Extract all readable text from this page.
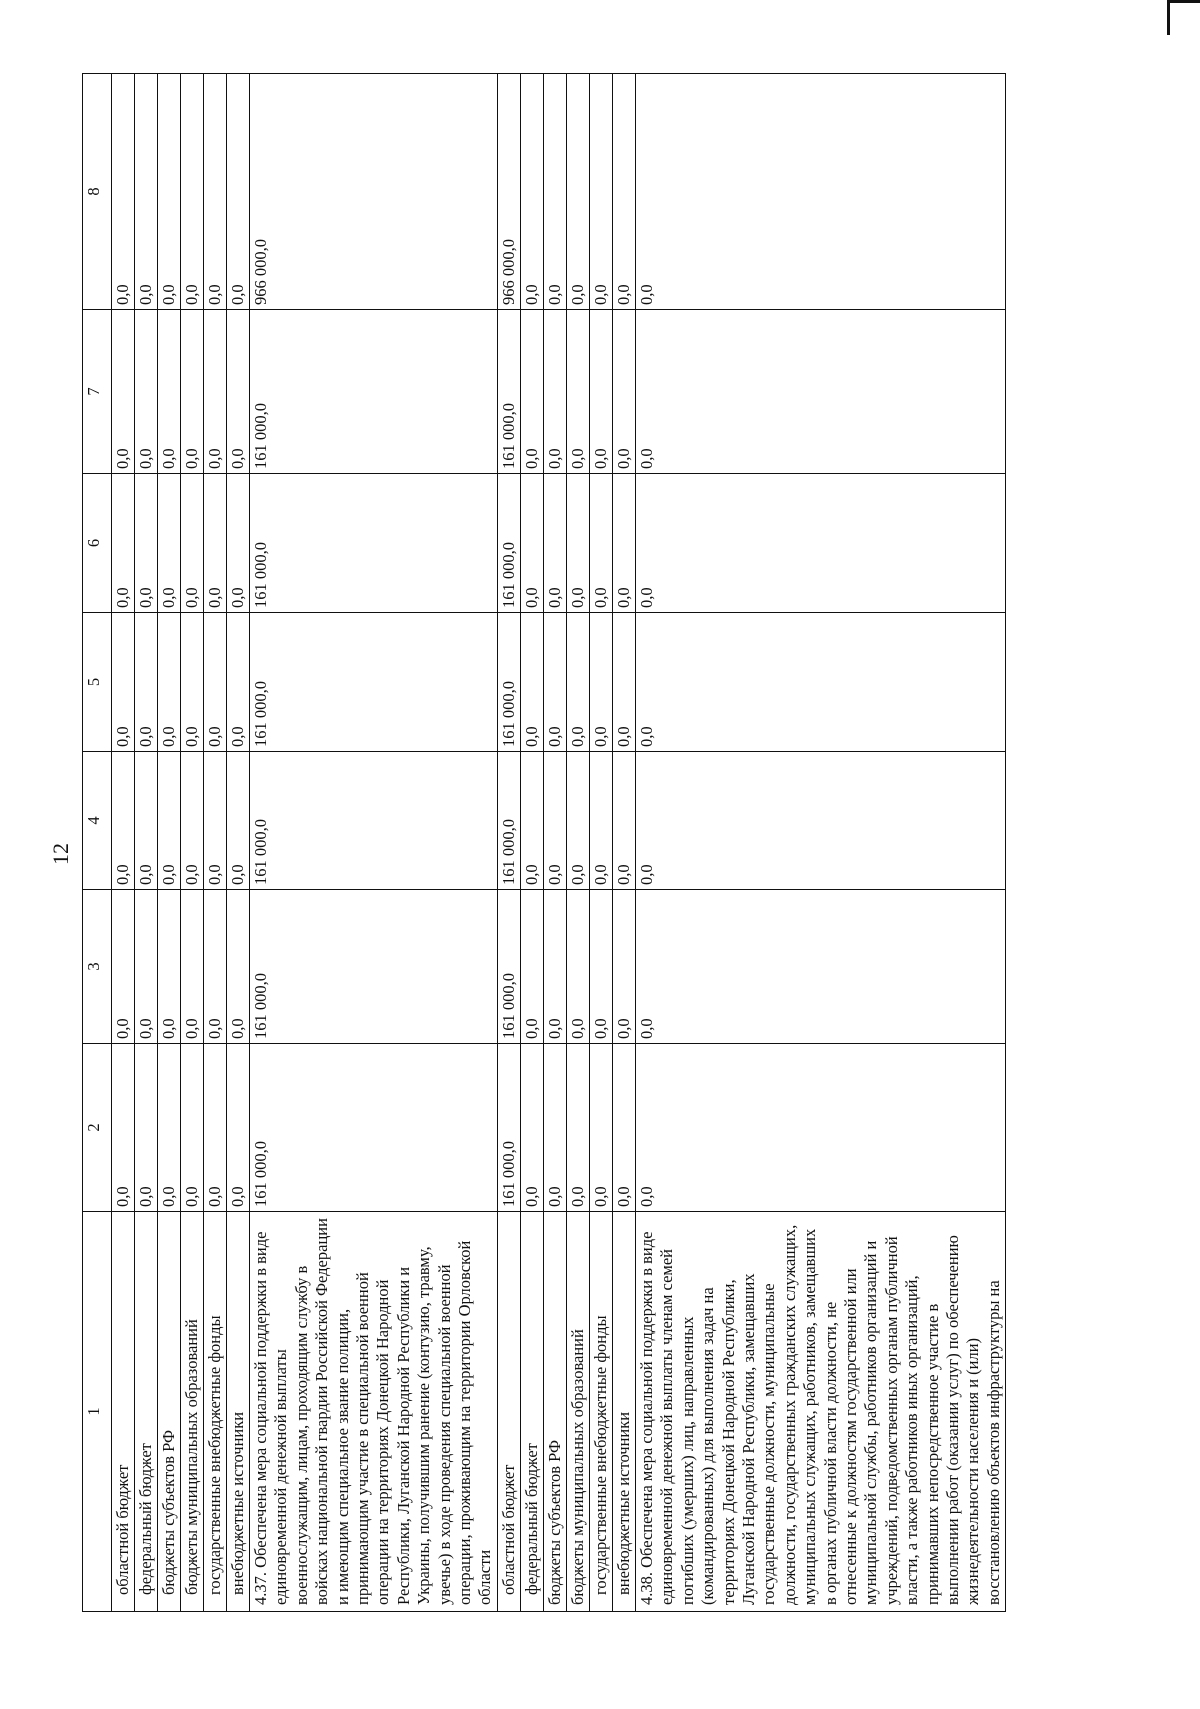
12
1	2	3	4	5	6	7	8
областной бюджет	0,0	0,0	0,0	0,0	0,0	0,0	0,0
федеральный бюджет	0,0	0,0	0,0	0,0	0,0	0,0	0,0
бюджеты субъектов РФ	0,0	0,0	0,0	0,0	0,0	0,0	0,0
бюджеты муниципальных образований	0,0	0,0	0,0	0,0	0,0	0,0	0,0
государственные внебюджетные фонды	0,0	0,0	0,0	0,0	0,0	0,0	0,0
внебюджетные источники	0,0	0,0	0,0	0,0	0,0	0,0	0,0
4.37. Обеспечена мера социальной поддержки в виде единовременной денежной выплаты военнослужащим, лицам, проходящим службу в войсках национальной гвардии Российской Федерации и имеющим специальное звание полиции, принимающим участие в специальной военной операции на территориях Донецкой Народной Республики, Луганской Народной Республики и Украины, получившим ранение (контузию, травму, увечье) в ходе проведения специальной военной операции, проживающим на территории Орловской области	161 000,0	161 000,0	161 000,0	161 000,0	161 000,0	161 000,0	966 000,0
областной бюджет	161 000,0	161 000,0	161 000,0	161 000,0	161 000,0	161 000,0	966 000,0
федеральный бюджет	0,0	0,0	0,0	0,0	0,0	0,0	0,0
бюджеты субъектов РФ	0,0	0,0	0,0	0,0	0,0	0,0	0,0
бюджеты муниципальных образований	0,0	0,0	0,0	0,0	0,0	0,0	0,0
государственные внебюджетные фонды	0,0	0,0	0,0	0,0	0,0	0,0	0,0
внебюджетные источники	0,0	0,0	0,0	0,0	0,0	0,0	0,0
4.38. Обеспечена мера социальной поддержки в виде единовременной денежной выплаты членам семей погибших (умерших) лиц, направленных (командированных) для выполнения задач на территориях Донецкой Народной Республики, Луганской Народной Республики, замещавших государственные должности, муниципальные должности, государственных гражданских служащих, муниципальных служащих, работников, замещавших в органах публичной власти должности, не отнесенные к должностям государственной или муниципальной службы, работников организаций и учреждений, подведомственных органам публичной власти, а также работников иных организаций, принимавших непосредственное участие в выполнении работ (оказании услуг) по обеспечению жизнедеятельности населения и (или) восстановлению объектов инфраструктуры на	0,0	0,0	0,0	0,0	0,0	0,0	0,0
